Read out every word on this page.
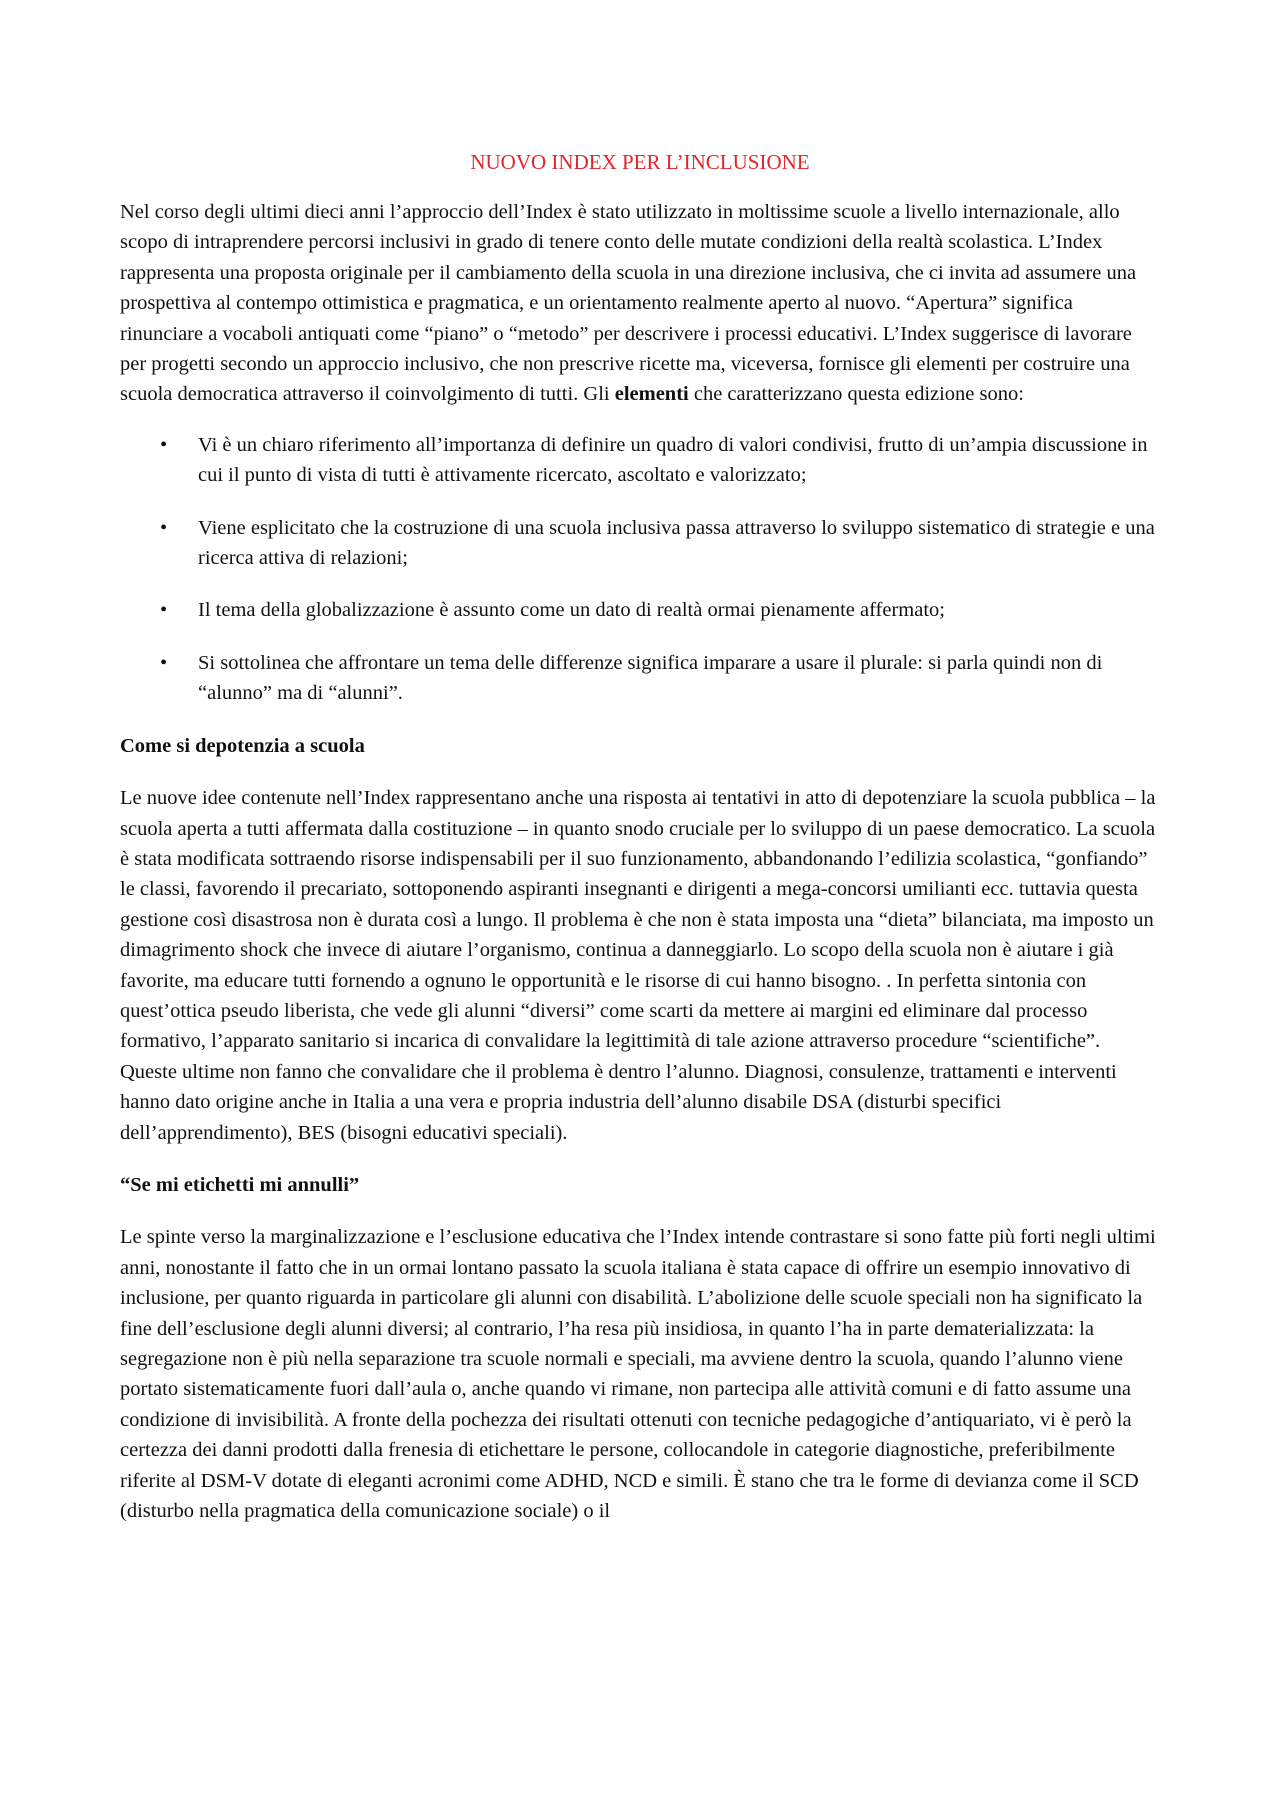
NUOVO INDEX PER L’INCLUSIONE

Nel corso degli ultimi dieci anni l’approccio dell’Index è stato utilizzato in moltissime scuole a livello internazionale, allo scopo di intraprendere percorsi inclusivi in grado di tenere conto delle mutate condizioni della realtà scolastica. L’Index rappresenta una proposta originale per il cambiamento della scuola in una direzione inclusiva, che ci invita ad assumere una prospettiva al contempo ottimistica e pragmatica, e un orientamento realmente aperto al nuovo. “Apertura” significa rinunciare a vocaboli antiquati come “piano” o “metodo” per descrivere i processi educativi. L’Index suggerisce di lavorare per progetti secondo un approccio inclusivo, che non prescrive ricette ma, viceversa, fornisce gli elementi per costruire una scuola democratica attraverso il coinvolgimento di tutti. Gli elementi che caratterizzano questa edizione sono:

• Vi è un chiaro riferimento all’importanza di definire un quadro di valori condivisi, frutto di un’ampia discussione in cui il punto di vista di tutti è attivamente ricercato, ascoltato e valorizzato;
• Viene esplicitato che la costruzione di una scuola inclusiva passa attraverso lo sviluppo sistematico di strategie e una ricerca attiva di relazioni;
• Il tema della globalizzazione è assunto come un dato di realtà ormai pienamente affermato;
• Si sottolinea che affrontare un tema delle differenze significa imparare a usare il plurale: si parla quindi non di “alunno” ma di “alunni”.
Come si depotenzia a scuola

Le nuove idee contenute nell’Index rappresentano anche una risposta ai tentativi in atto di depotenziare la scuola pubblica – la scuola aperta a tutti affermata dalla costituzione – in quanto snodo cruciale per lo sviluppo di un paese democratico. La scuola è stata modificata sottraendo risorse indispensabili per il suo funzionamento, abbandonando l’edilizia scolastica, “gonfiando” le classi, favorendo il precariato, sottoponendo aspiranti insegnanti e dirigenti a mega-concorsi umilianti ecc. tuttavia questa gestione così disastrosa non è durata così a lungo. Il problema è che non è stata imposta una “dieta” bilanciata, ma imposto un dimagrimento shock che invece di aiutare l’organismo, continua a danneggiarlo. Lo scopo della scuola non è aiutare i già favorite, ma educare tutti fornendo a ognuno le opportunità e le risorse di cui hanno bisogno. . In perfetta sintonia con quest’ottica pseudo liberista, che vede gli alunni “diversi” come scarti da mettere ai margini ed eliminare dal processo formativo, l’apparato sanitario si incarica di convalidare la legittimità di tale azione attraverso procedure “scientifiche”. Queste ultime non fanno che convalidare che il problema è dentro l’alunno. Diagnosi, consulenze, trattamenti e interventi hanno dato origine anche in Italia a una vera e propria industria dell’alunno disabile DSA (disturbi specifici dell’apprendimento), BES (bisogni educativi speciali).

“Se mi etichetti mi annulli”

Le spinte verso la marginalizzazione e l’esclusione educativa che l’Index intende contrastare si sono fatte più forti negli ultimi anni, nonostante il fatto che in un ormai lontano passato la scuola italiana è stata capace di offrire un esempio innovativo di inclusione, per quanto riguarda in particolare gli alunni con disabilità. L’abolizione delle scuole speciali non ha significato la fine dell’esclusione degli alunni diversi; al contrario, l’ha resa più insidiosa, in quanto l’ha in parte dematerializzata: la segregazione non è più nella separazione tra scuole normali e speciali, ma avviene dentro la scuola, quando l’alunno viene portato sistematicamente fuori dall’aula o, anche quando vi rimane, non partecipa alle attività comuni e di fatto assume una condizione di invisibilità. A fronte della pochezza dei risultati ottenuti con tecniche pedagogiche d’antiquariato, vi è però la certezza dei danni prodotti dalla frenesia di etichettare le persone, collocandole in categorie diagnostiche, preferibilmente riferite al DSM-V dotate di eleganti acronimi come ADHD, NCD e simili. È stano che tra le forme di devianza come il SCD (disturbo nella pragmatica della comunicazione sociale) o il
